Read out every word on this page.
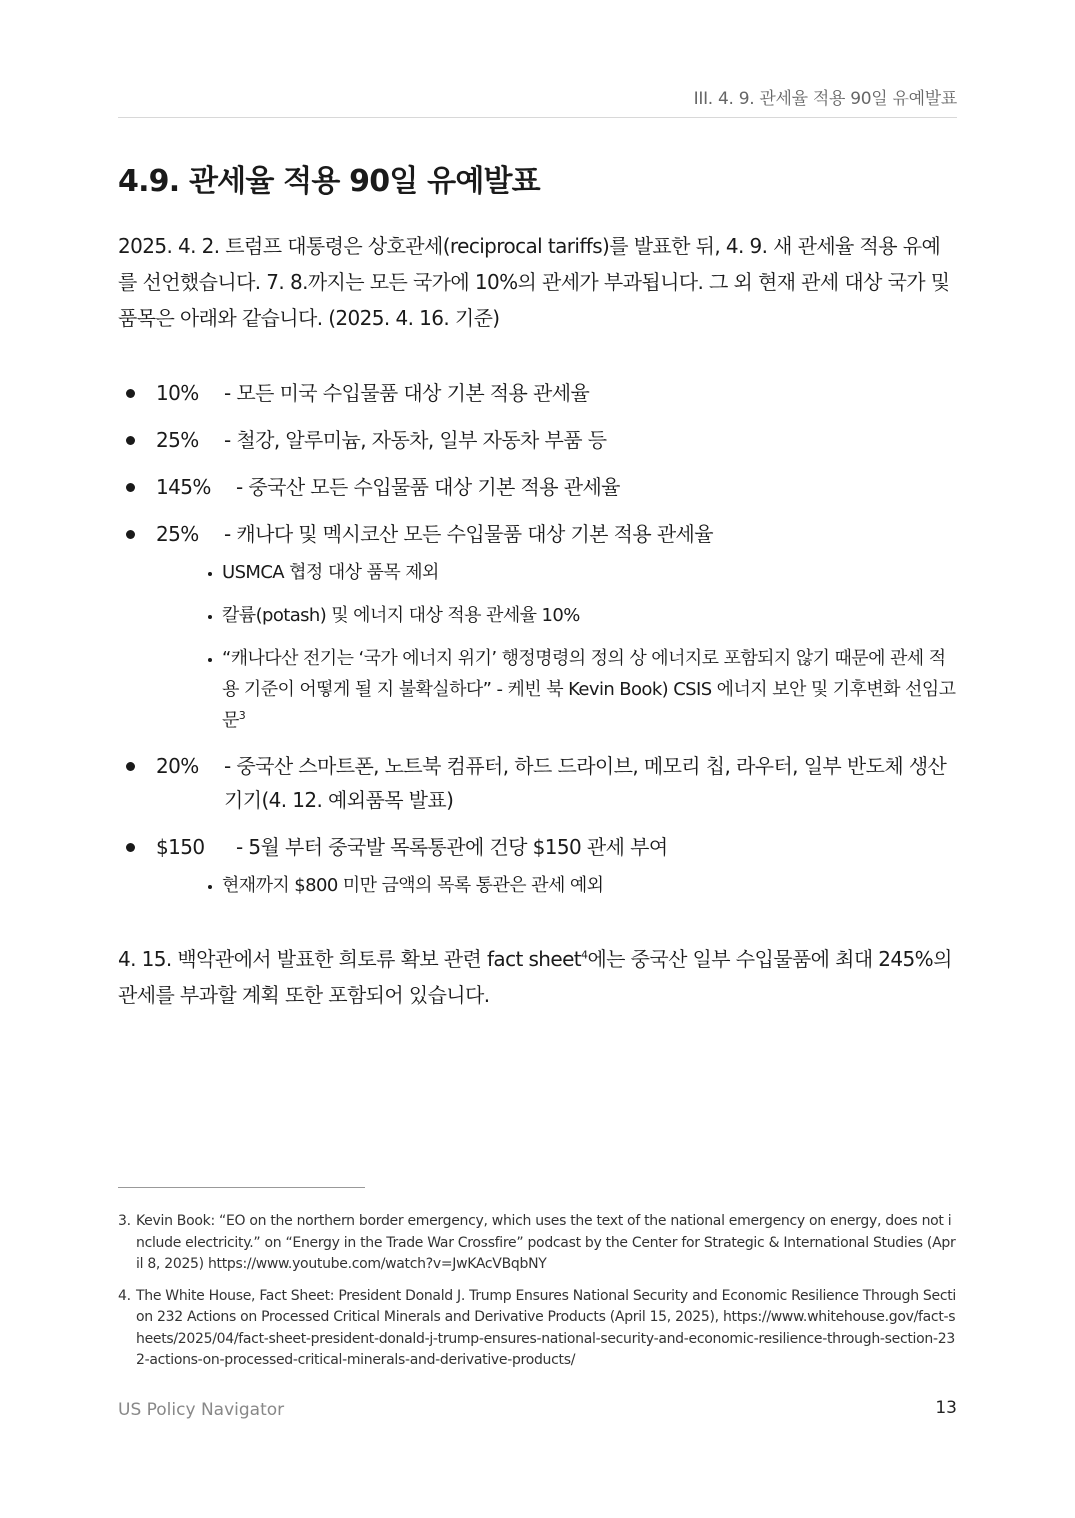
III. 4. 9. 관세율 적용 90일 유예발표
4.9. 관세율 적용 90일 유예발표

2025. 4. 2. 트럼프 대통령은 상호관세(reciprocal tariffs)를 발표한 뒤, 4. 9. 새 관세율 적용 유예를 선언했습니다. 7. 8.까지는 모든 국가에 10%의 관세가 부과됩니다. 그 외 현재 관세 대상 국가 및 품목은 아래와 같습니다. (2025. 4. 16. 기준)

10% - 모든 미국 수입물품 대상 기본 적용 관세율
25% - 철강, 알루미늄, 자동차, 일부 자동차 부품 등
145% - 중국산 모든 수입물품 대상 기본 적용 관세율
25% - 캐나다 및 멕시코산 모든 수입물품 대상 기본 적용 관세율
USMCA 협정 대상 품목 제외
칼륨(potash) 및 에너지 대상 적용 관세율 10%
“캐나다산 전기는 ‘국가 에너지 위기’ 행정명령의 정의 상 에너지로 포함되지 않기 때문에 관세 적용 기준이 어떻게 될 지 불확실하다” - 케빈 북 Kevin Book) CSIS 에너지 보안 및 기후변화 선임고문$^3$
20% - 중국산 스마트폰, 노트북 컴퓨터, 하드 드라이브, 메모리 칩, 라우터, 일부 반도체 생산 기기(4. 12. 예외품목 발표)
$150 - 5월 부터 중국발 목록통관에 건당 $150 관세 부여
현재까지 $800 미만 금액의 목록 통관은 관세 예외

4. 15. 백악관에서 발표한 희토류 확보 관련 fact sheet$^4$에는 중국산 일부 수입물품에 최대 245%의 관세를 부과할 계획 또한 포함되어 있습니다.

3. Kevin Book: “EO on the northern border emergency, which uses the text of the national emergency on energy, does not include electricity.” on “Energy in the Trade War Crossfire” podcast by the Center for Strategic & International Studies (April 8, 2025) https://www.youtube.com/watch?v=JwKAcVBqbNY
4. The White House, Fact Sheet: President Donald J. Trump Ensures National Security and Economic Resilience Through Section 232 Actions on Processed Critical Minerals and Derivative Products (April 15, 2025), https://www.whitehouse.gov/fact-sheets/2025/04/fact-sheet-president-donald-j-trump-ensures-national-security-and-economic-resilience-through-section-232-actions-on-processed-critical-minerals-and-derivative-products/
US Policy Navigator	13
